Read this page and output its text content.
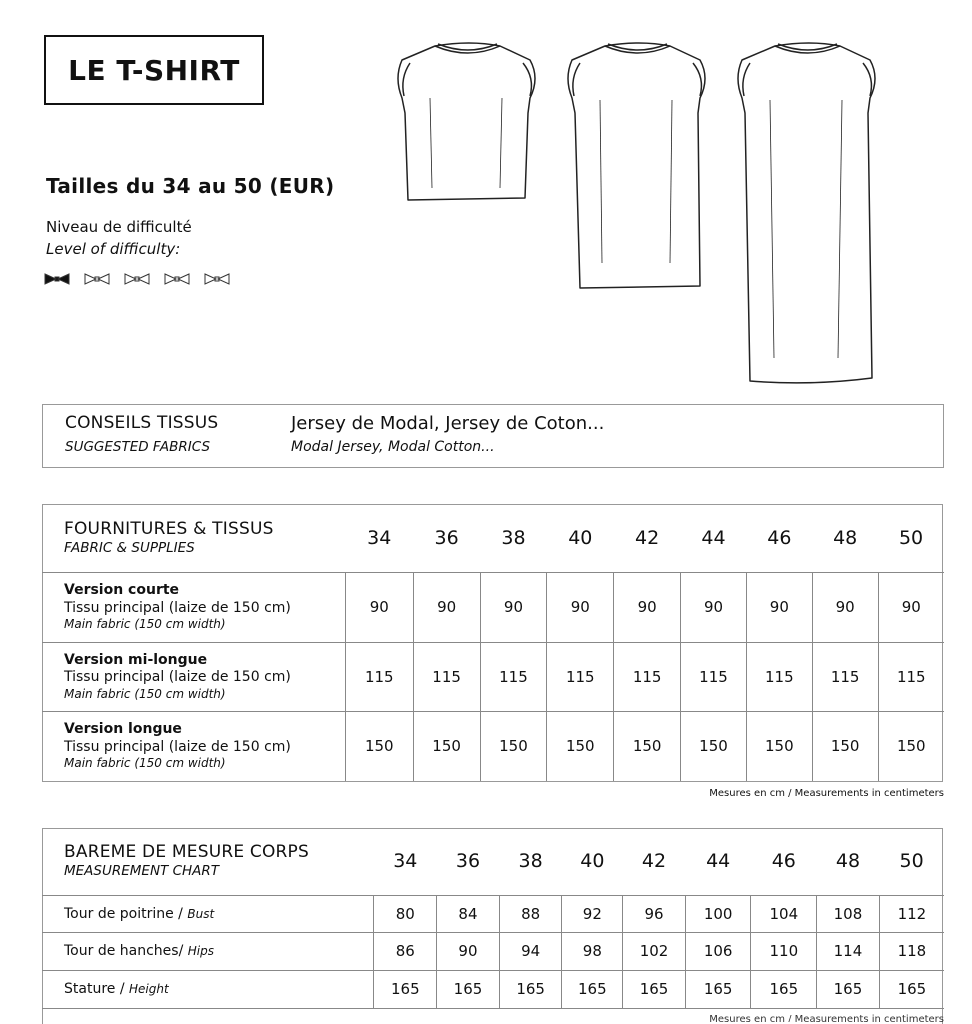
LE T-SHIRT
Tailles du 34 au 50 (EUR)
Niveau de difficulté
Level of difficulty:
CONSEILS TISSUS
SUGGESTED FABRICS
Jersey de Modal, Jersey de Coton...
Modal Jersey, Modal Cotton...
FOURNITURES & TISSUS
FABRIC & SUPPLIES	34	36	38	40	42	44	46	48	50

Version courte
Tissu principal (laize de 150 cm)
Main fabric (150 cm width)	90	90	90	90	90	90	90	90	90

Version mi-longue
Tissu principal (laize de 150 cm)
Main fabric (150 cm width)	115	115	115	115	115	115	115	115	115

Version longue
Tissu principal (laize de 150 cm)
Main fabric (150 cm width)	150	150	150	150	150	150	150	150	150
Mesures en cm / Measurements in centimeters
BAREME DE MESURE CORPS
MEASUREMENT CHART	34	36	38	40	42	44	46	48	50
Tour de poitrine / Bust	80	84	88	92	96	100	104	108	112
Tour de hanches/ Hips	86	90	94	98	102	106	110	114	118
Stature / Height	165	165	165	165	165	165	165	165	165
Mesures en cm / Measurements in centimeters
